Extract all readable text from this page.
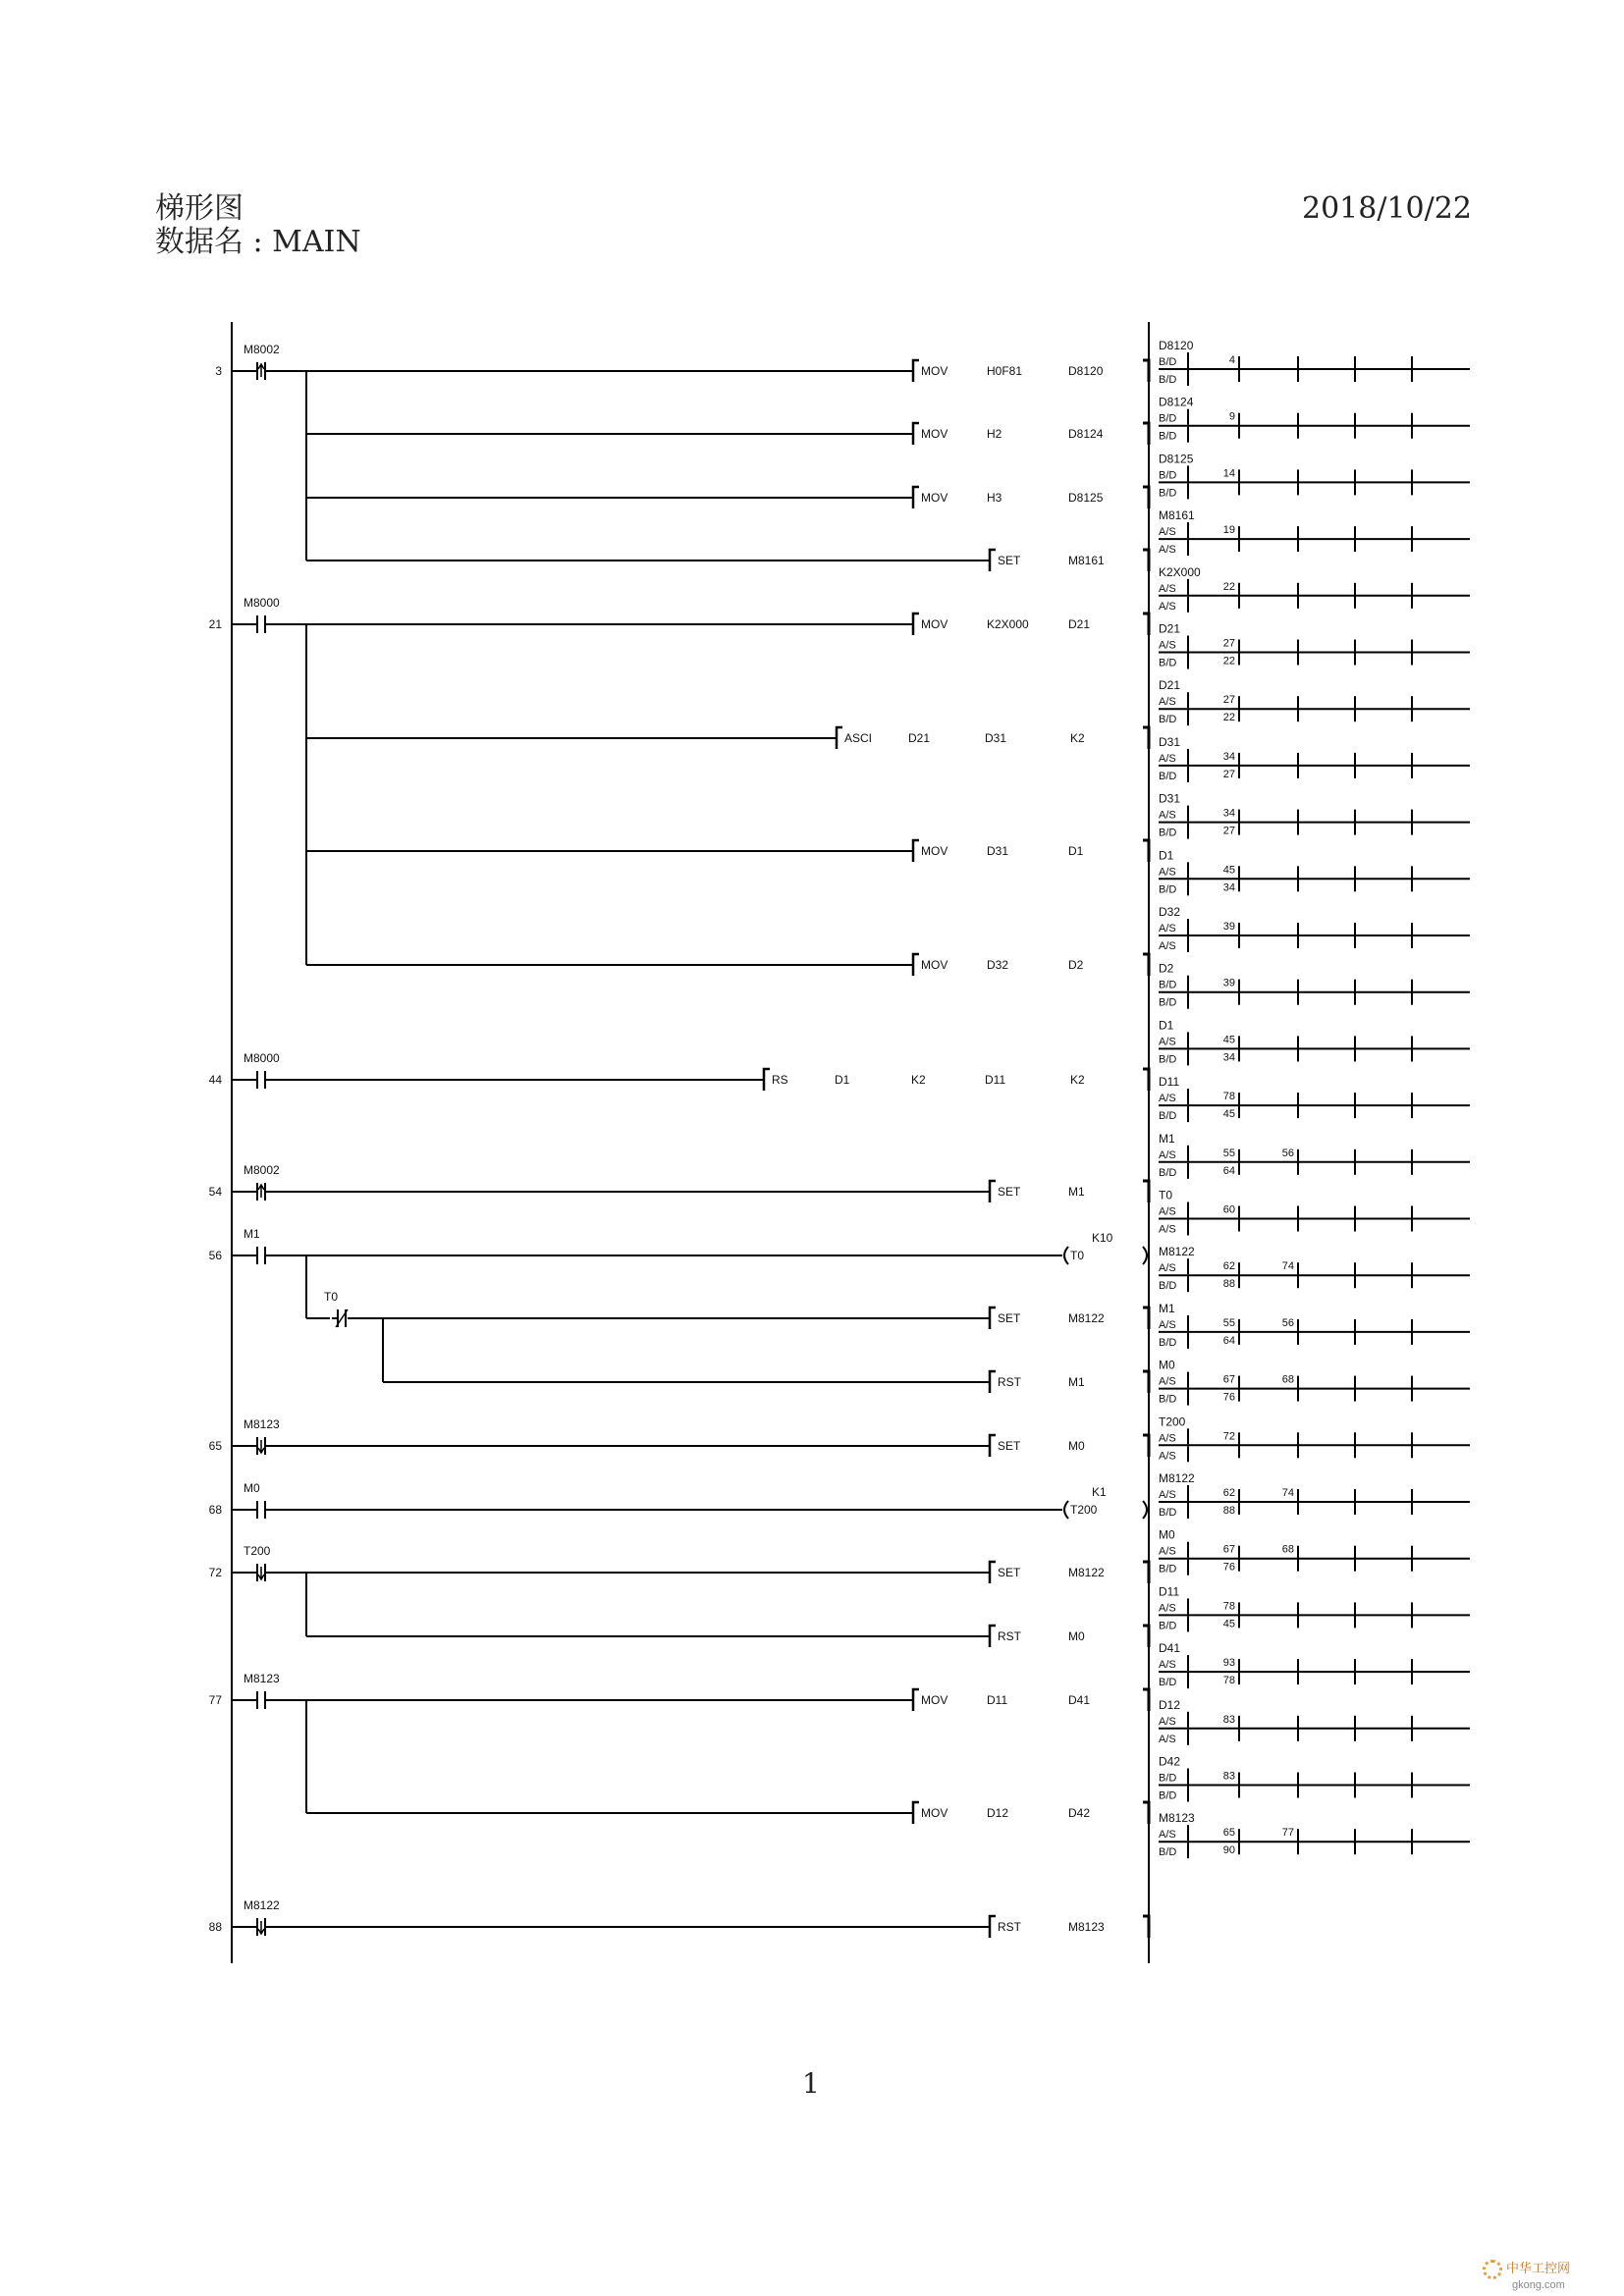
梯形图
数据名 : MAIN
2018/10/22
3
M8002
MOV	H0F81	D8120
MOV	H2	D8124
MOV	H3	D8125
SET	M8161
21
M8000
MOV	K2X000	D21
ASCI	D21	D31	K2
MOV	D31	D1
MOV	D32	D2
44
M8000
RS	D1	K2	D11	K2
54
M8002
SET	M1
56
M1
T0
K10
SET	M8122
T0
RST	M1
65
M8123
SET	M0
68
M0
T200
K1
72
T200
SET	M8122
RST	M0
77
M8123
MOV	D11	D41
MOV	D12	D42
88
M8122
RST	M8123
D8120
B/D	4
B/D
D8124
B/D	9
B/D
D8125
B/D	14
B/D
M8161
A/S	19
A/S
K2X000
A/S	22
A/S
D21
A/S	27
B/D	22
D21
A/S	27
B/D	22
D31
A/S	34
B/D	27
D31
A/S	34
B/D	27
D1
A/S	45
B/D	34
D32
A/S	39
A/S
D2
B/D	39
B/D
D1
A/S	45
B/D	34
D11
A/S	78
B/D	45
M1
A/S	55	56
B/D	64
T0
A/S	60
A/S
M8122
A/S	62	74
B/D	88
M1
A/S	55	56
B/D	64
M0
A/S	67	68
B/D	76
T200
A/S	72
A/S
M8122
A/S	62	74
B/D	88
M0
A/S	67	68
B/D	76
D11
A/S	78
B/D	45
D41
A/S	93
B/D	78
D12
A/S	83
A/S
D42
B/D	83
B/D
M8123
A/S	65	77
B/D	90
1
中华工控网
gkong.com
